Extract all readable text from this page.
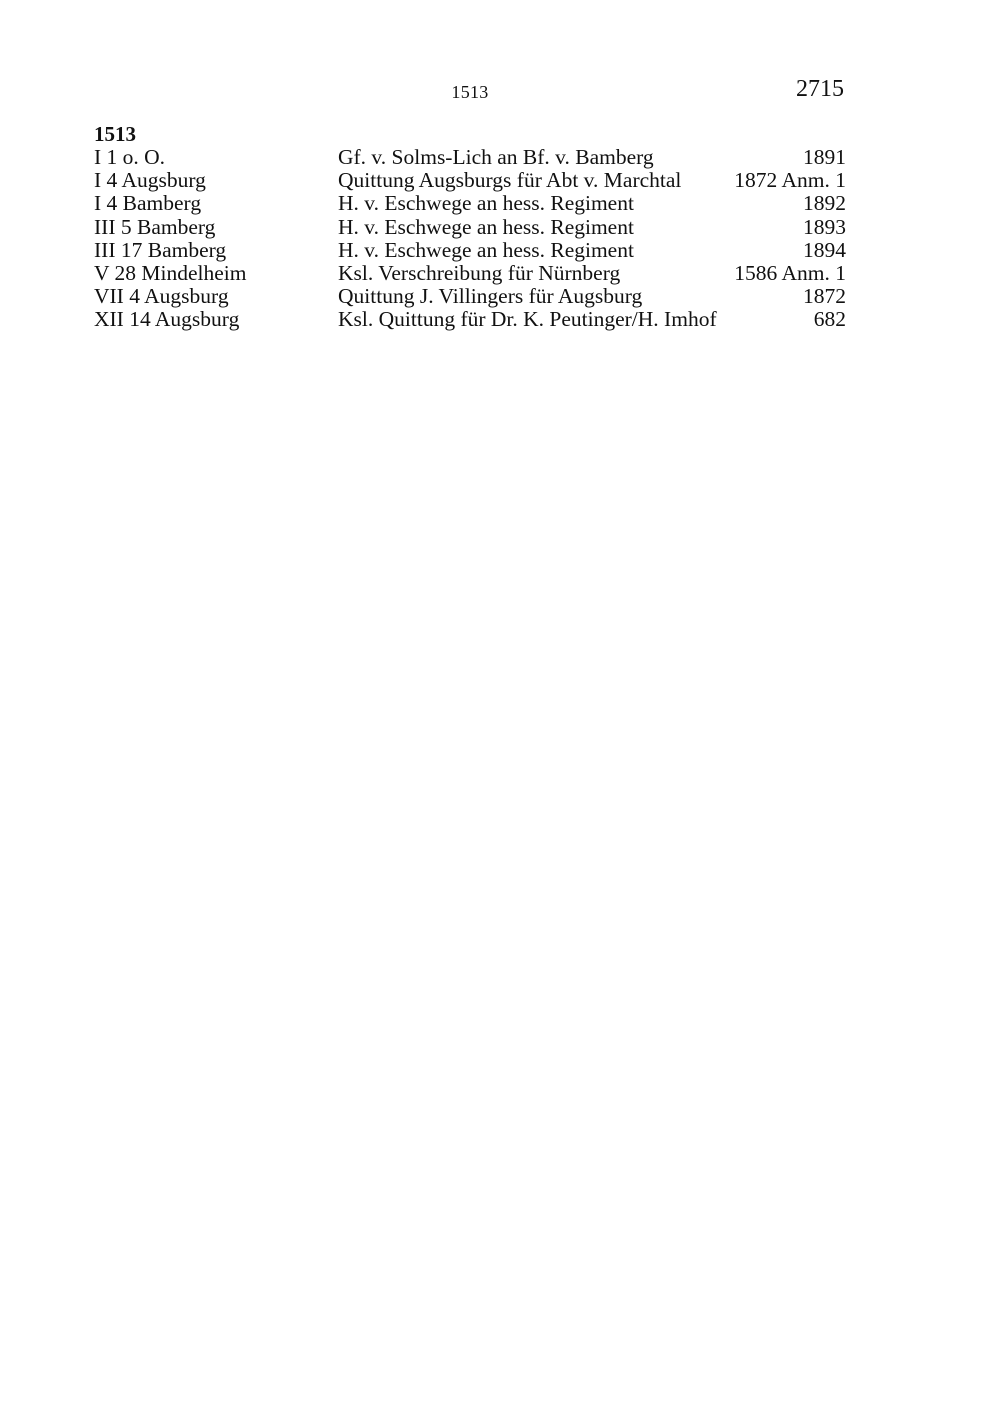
1513	2715
1513
I 1 o. O.	Gf. v. Solms-Lich an Bf. v. Bamberg	1891
I 4 Augsburg	Quittung Augsburgs für Abt v. Marchtal 1872 Anm. 1
I 4 Bamberg	H. v. Eschwege an hess. Regiment	1892
III 5 Bamberg	H. v. Eschwege an hess. Regiment	1893
III 17 Bamberg	H. v. Eschwege an hess. Regiment	1894
V 28 Mindelheim	Ksl. Verschreibung für Nürnberg	1586 Anm. 1
VII 4 Augsburg	Quittung J. Villingers für Augsburg	1872
XII 14 Augsburg	Ksl. Quittung für Dr. K. Peutinger/H. Imhof	682
